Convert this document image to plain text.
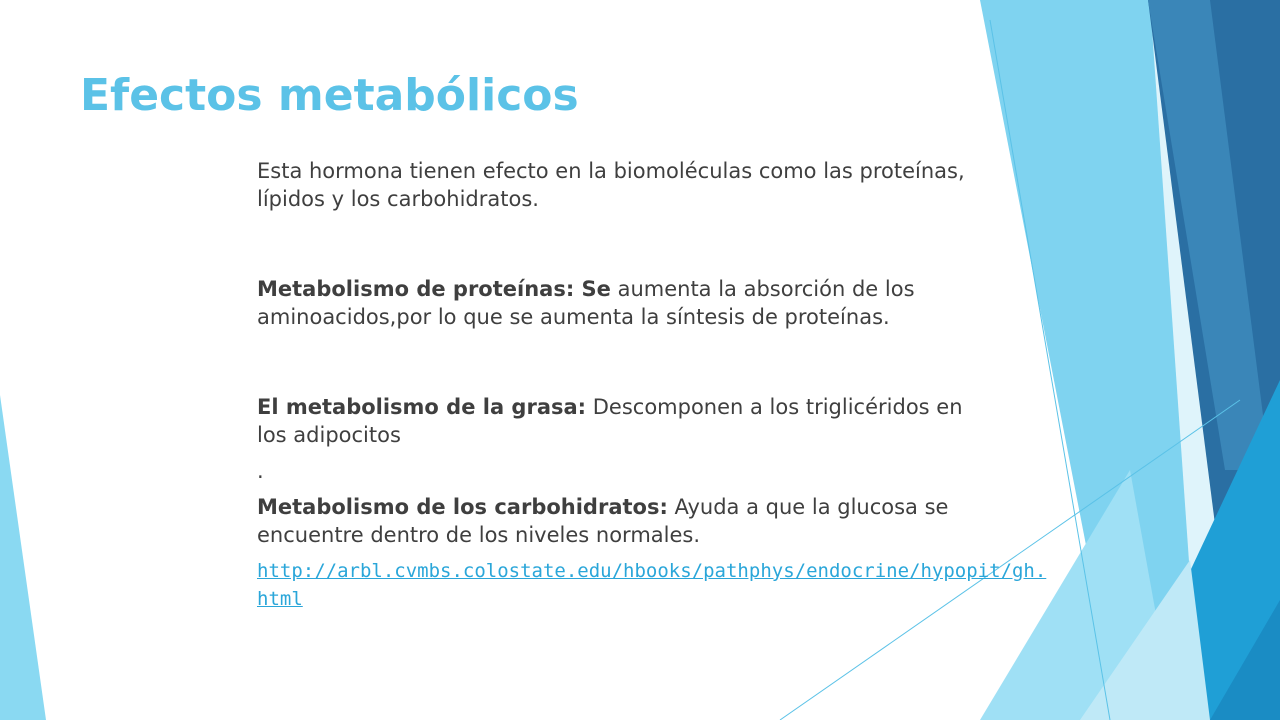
Efectos metabólicos

Esta hormona tienen efecto en la biomoléculas como las proteínas, lípidos y los carbohidratos.

Metabolismo de proteínas: Se aumenta la absorción de los aminoacidos,por lo que se aumenta la síntesis de proteínas.

El metabolismo de la grasa: Descomponen a los triglicéridos en los adipocitos

.

Metabolismo de los carbohidratos: Ayuda a que la glucosa se encuentre dentro de los niveles normales.

http://arbl.cvmbs.colostate.edu/hbooks/pathphys/endocrine/hypopit/gh.html
